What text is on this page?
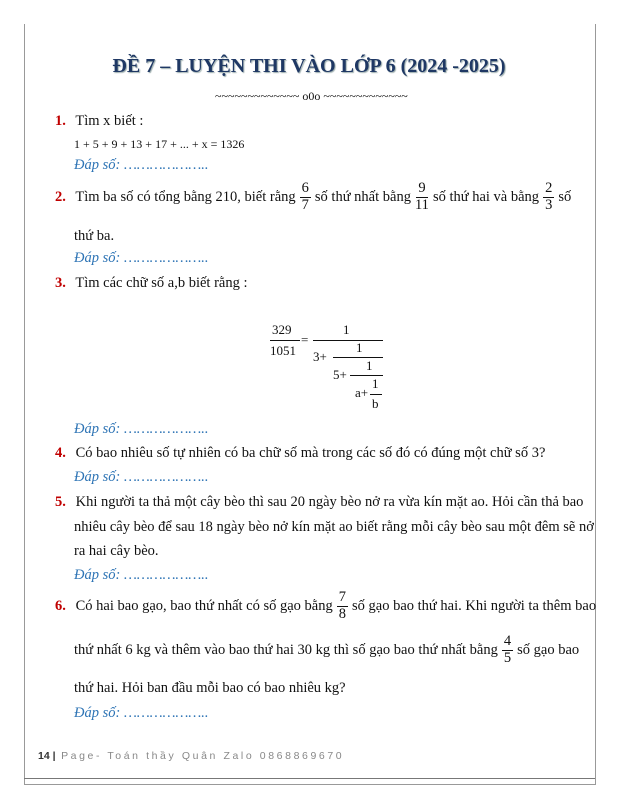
ĐỀ 7 – LUYỆN THI VÀO LỚP 6 (2024 -2025)
~~~~~~~~~~~~~ o0o ~~~~~~~~~~~~~
1. Tìm x biết :
1 + 5 + 9 + 13 + 17 + ... + x = 1326
Đáp số: ………………..
2. Tìm ba số có tổng bằng 210, biết rằng $\frac{6}{7}$ số thứ nhất bằng $\frac{9}{11}$ số thứ hai và bằng $\frac{2}{3}$ số
thứ ba.
Đáp số: ………………..
3. Tìm các chữ số a,b biết rằng :
329
1051
=
1
3+
1
5+
1
a+
1
b
Đáp số: ………………..
4. Có bao nhiêu số tự nhiên có ba chữ số mà trong các số đó có đúng một chữ số 3?
Đáp số: ………………..
5. Khi người ta thả một cây bèo thì sau 20 ngày bèo nở ra vừa kín mặt ao. Hỏi cần thả bao
nhiêu cây bèo để sau 18 ngày bèo nở kín mặt ao biết rằng mỗi cây bèo sau một đêm sẽ nở
ra hai cây bèo.
Đáp số: ………………..
6. Có hai bao gạo, bao thứ nhất có số gạo bằng $\frac{7}{8}$ số gạo bao thứ hai. Khi người ta thêm bao
thứ nhất 6 kg và thêm vào bao thứ hai 30 kg thì số gạo bao thứ nhất bằng $\frac{4}{5}$ số gạo bao
thứ hai. Hỏi ban đầu mỗi bao có bao nhiêu kg?
Đáp số: ………………..
14 | Page- Toán thầy Quân Zalo 0868869670
